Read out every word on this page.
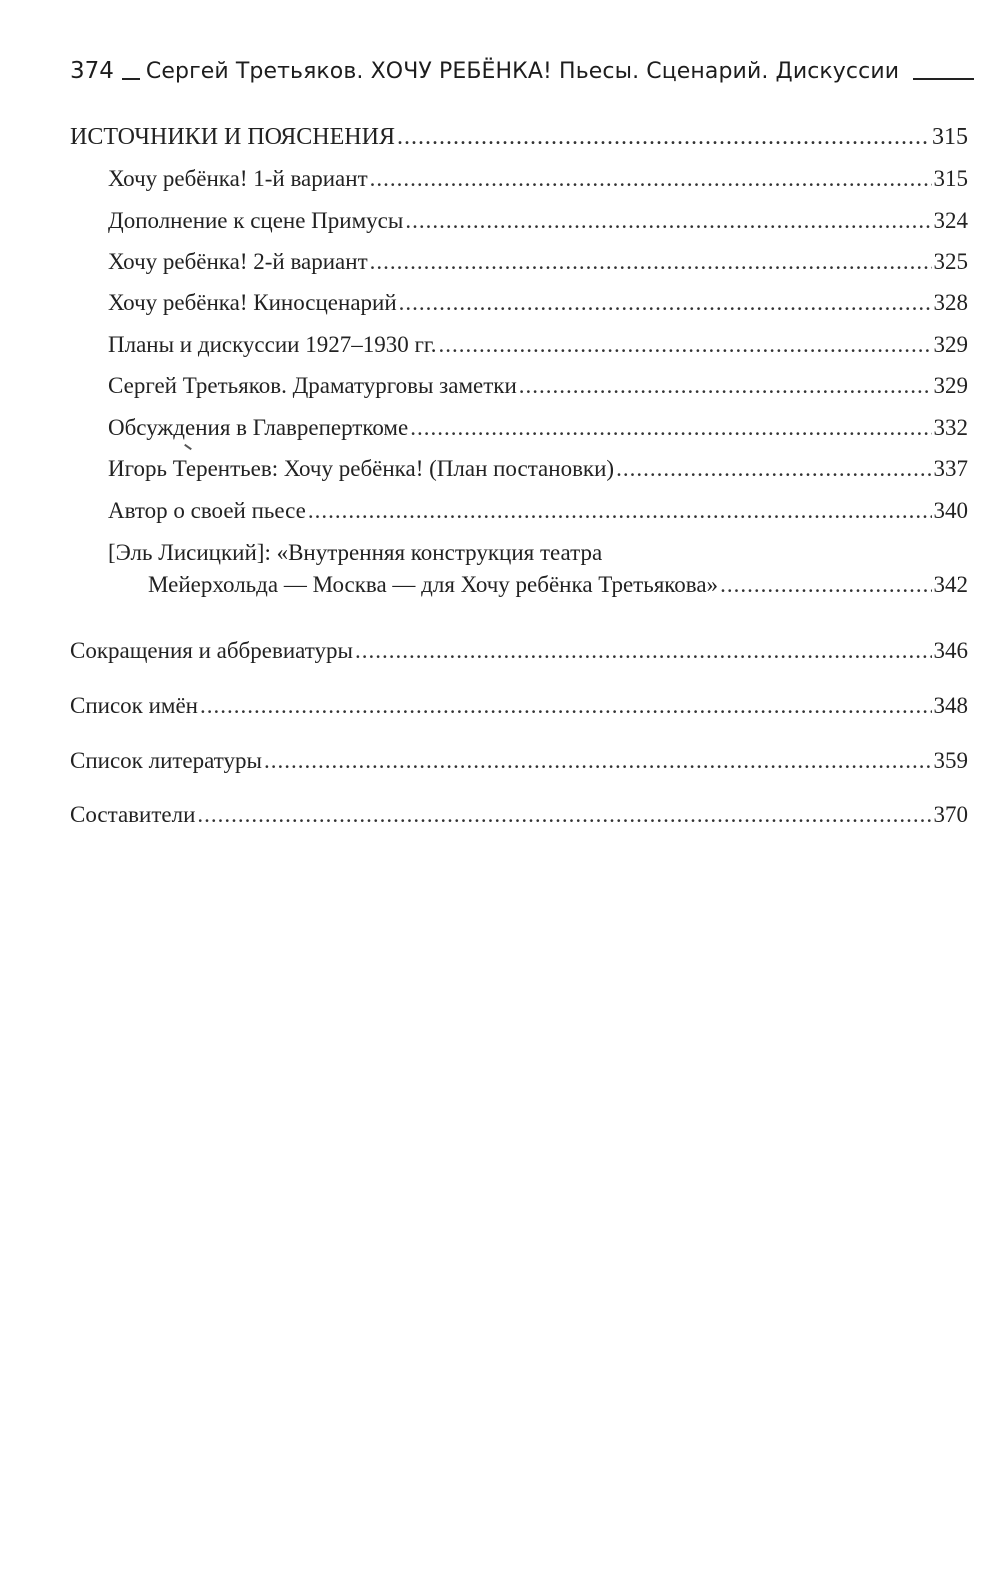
374 Сергей Третьяков. ХОЧУ РЕБЁНКА! Пьесы. Сценарий. Дискуссии
ИСТОЧНИКИ И ПОЯСНЕНИЯ .....	315
Хочу ребёнка! 1-й вариант .....	315
Дополнение к сцене Примусы .....	324
Хочу ребёнка! 2-й вариант .....	325
Хочу ребёнка! Киносценарий .....	328
Планы и дискуссии 1927–1930 гг. .....	329
Сергей Третьяков. Драматурговы заметки .....	329
Обсуждения в Главреперткоме .....	332
Игорь Терентьев: Хочу ребёнка! (План постановки) .....	337
Автор о своей пьесе .....	340
[Эль Лисицкий]: «Внутренняя конструкция театра
Мейерхольда — Москва — для Хочу ребёнка Третьякова» .....	342
Сокращения и аббревиатуры .....	346
Список имён .....	348
Список литературы .....	359
Составители .....	370
